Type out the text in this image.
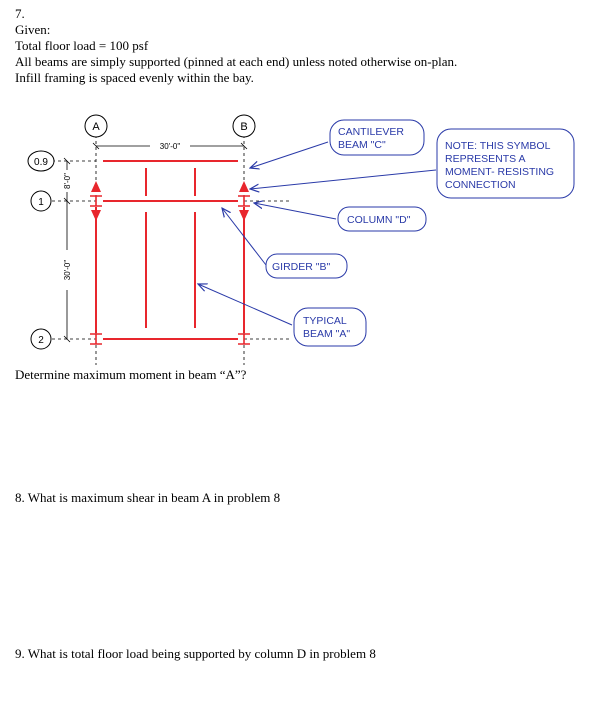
7.
Given:
Total floor load = 100 psf
All beams are simply supported (pinned at each end) unless noted otherwise on-plan.
Infill framing is spaced evenly within the bay.
A	B
0.9
1
2
30'-0"
8'-0"
30'-0"
CANTILEVER
BEAM "C"	NOTE: THIS SYMBOL
REPRESENTS A
MOMENT- RESISTING
CONNECTION
COLUMN "D"
GIRDER "B"
TYPICAL
BEAM "A"
Determine maximum moment in beam “A”?
8. What is maximum shear in beam A in problem 8
9. What is total floor load being supported by column D in problem 8
